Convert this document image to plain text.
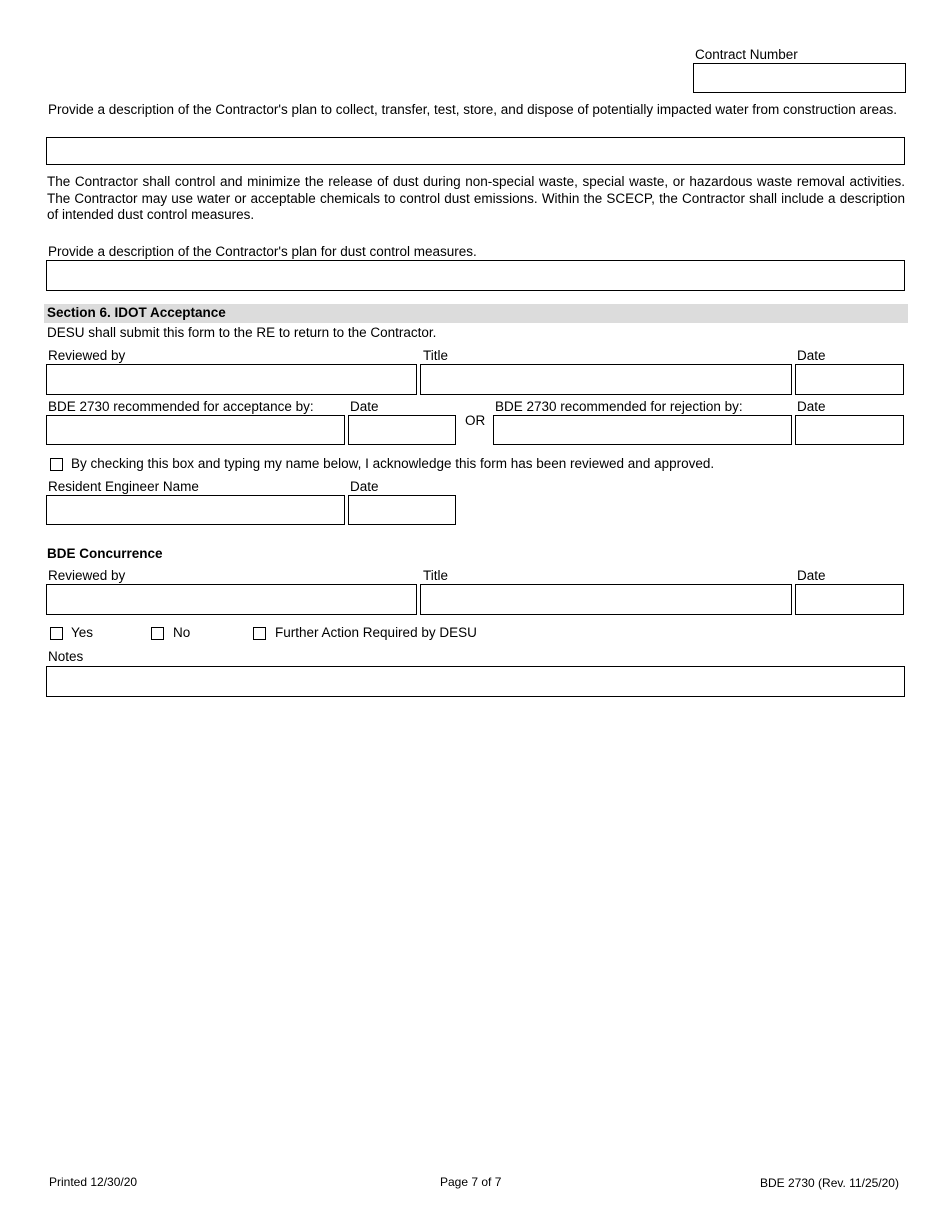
Contract Number
Provide a description of the Contractor's plan to collect, transfer, test, store, and dispose of potentially impacted water from construction areas.
The Contractor shall control and minimize the release of dust during non-special waste, special waste, or hazardous waste removal activities. The Contractor may use water or acceptable chemicals to control dust emissions. Within the SCECP, the Contractor shall include a description of intended dust control measures.
Provide a description of the Contractor's plan for dust control measures.
Section 6. IDOT Acceptance
DESU shall submit this form to the RE to return to the Contractor.
Reviewed by	Title	Date
BDE 2730 recommended for acceptance by:	Date
OR
BDE 2730 recommended for rejection by:	Date
By checking this box and typing my name below, I acknowledge this form has been reviewed and approved.
Resident Engineer Name	Date
BDE Concurrence
Reviewed by	Title	Date
Yes	No	Further Action Required by DESU
Notes
Printed 12/30/20	Page 7 of 7	BDE 2730 (Rev. 11/25/20)
